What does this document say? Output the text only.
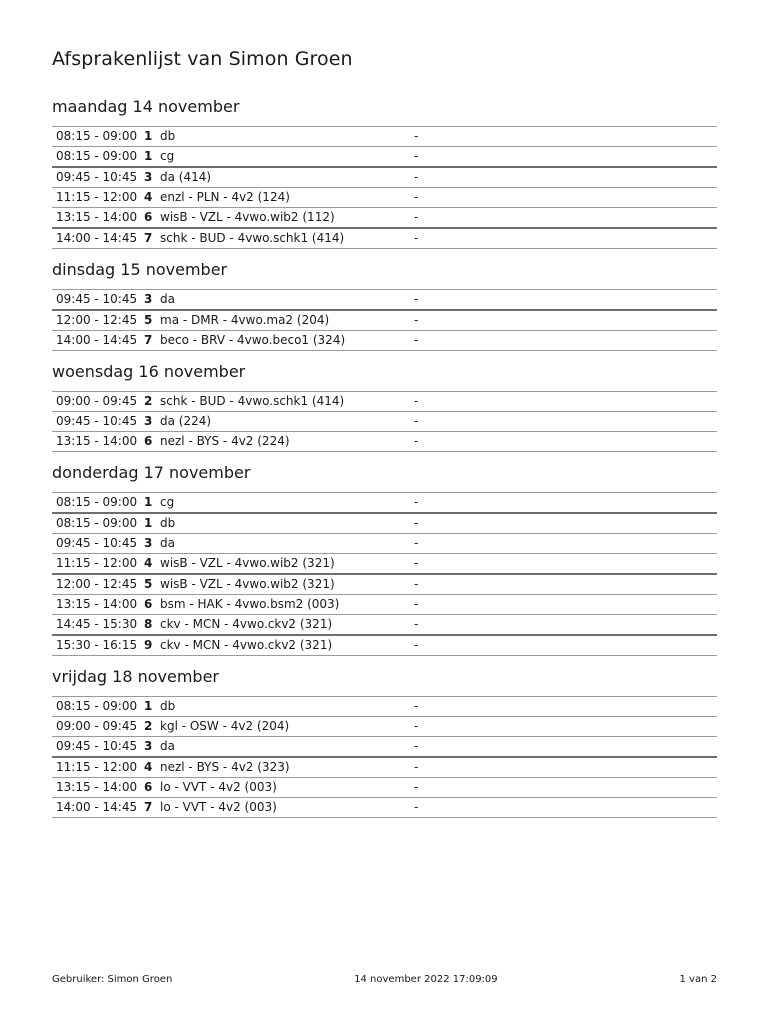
Afsprakenlijst van Simon Groen
maandag 14 november
08:15 - 09:00	1	db	-
08:15 - 09:00	1	cg	-
09:45 - 10:45	3	da (414)	-
11:15 - 12:00	4	enzl - PLN - 4v2 (124)	-
13:15 - 14:00	6	wisB - VZL - 4vwo.wib2 (112)	-
14:00 - 14:45	7	schk - BUD - 4vwo.schk1 (414)	-
dinsdag 15 november
09:45 - 10:45	3	da	-
12:00 - 12:45	5	ma - DMR - 4vwo.ma2 (204)	-
14:00 - 14:45	7	beco - BRV - 4vwo.beco1 (324)	-
woensdag 16 november
09:00 - 09:45	2	schk - BUD - 4vwo.schk1 (414)	-
09:45 - 10:45	3	da (224)	-
13:15 - 14:00	6	nezl - BYS - 4v2 (224)	-
donderdag 17 november
08:15 - 09:00	1	cg	-
08:15 - 09:00	1	db	-
09:45 - 10:45	3	da	-
11:15 - 12:00	4	wisB - VZL - 4vwo.wib2 (321)	-
12:00 - 12:45	5	wisB - VZL - 4vwo.wib2 (321)	-
13:15 - 14:00	6	bsm - HAK - 4vwo.bsm2 (003)	-
14:45 - 15:30	8	ckv - MCN - 4vwo.ckv2 (321)	-
15:30 - 16:15	9	ckv - MCN - 4vwo.ckv2 (321)	-
vrijdag 18 november
08:15 - 09:00	1	db	-
09:00 - 09:45	2	kgl - OSW - 4v2 (204)	-
09:45 - 10:45	3	da	-
11:15 - 12:00	4	nezl - BYS - 4v2 (323)	-
13:15 - 14:00	6	lo - VVT - 4v2 (003)	-
14:00 - 14:45	7	lo - VVT - 4v2 (003)	-
Gebruiker: Simon Groen	14 november 2022 17:09:09	1 van 2
